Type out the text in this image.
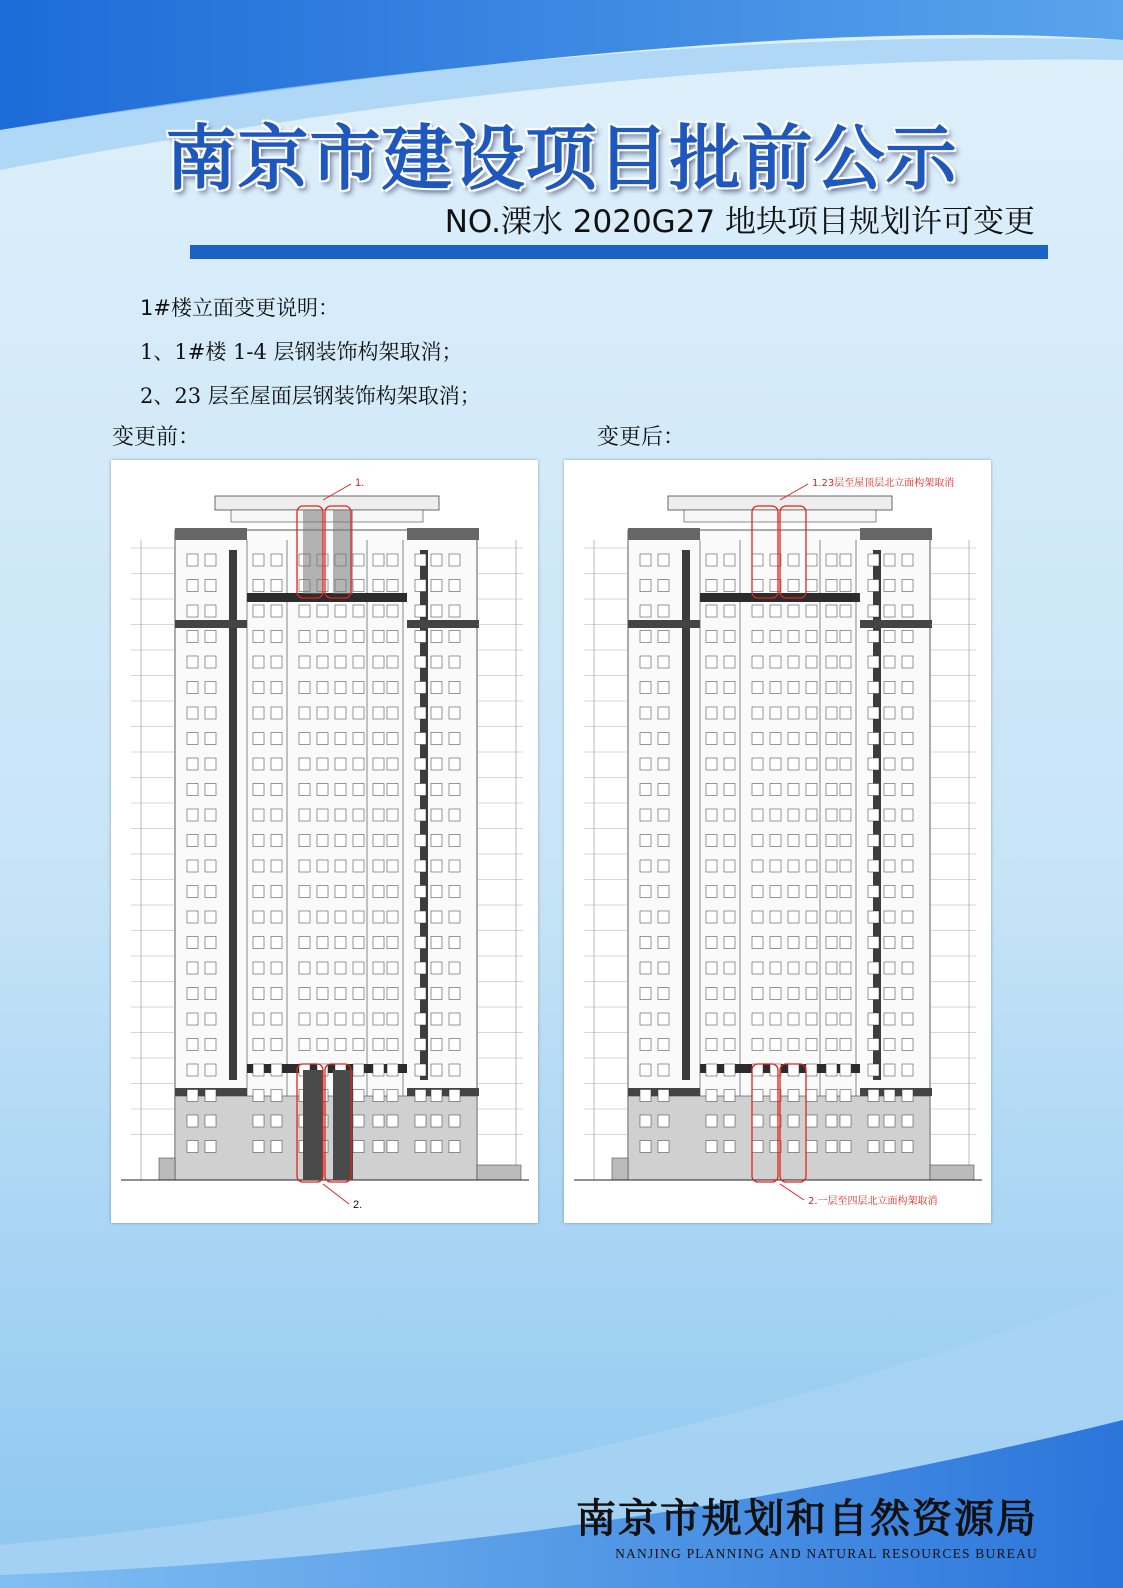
南京市建设项目批前公示
NO.溧水 2020G27 地块项目规划许可变更
1#楼立面变更说明：
1、1#楼 1-4 层钢装饰构架取消；
2、23 层至屋面层钢装饰构架取消；
变更前：	变更后：
1.
2.
1.23层至屋顶层北立面构架取消
2.一层至四层北立面构架取消
南京市规划和自然资源局
NANJING PLANNING AND NATURAL RESOURCES BUREAU
